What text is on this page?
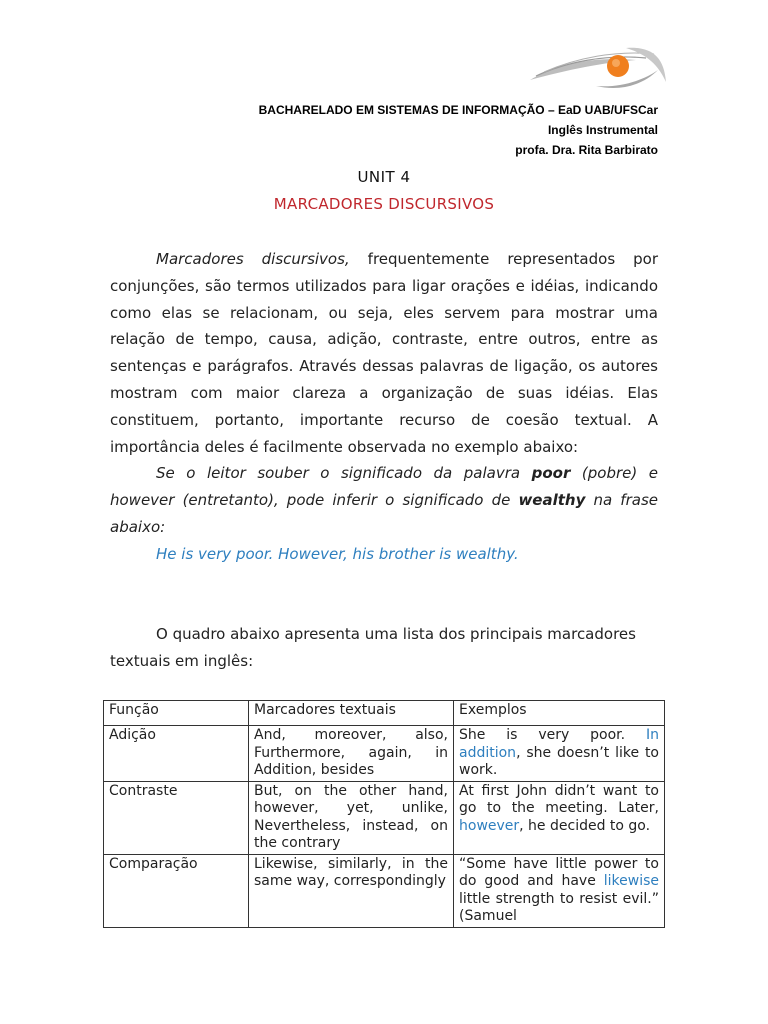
BACHARELADO EM SISTEMAS DE INFORMAÇÃO – EaD UAB/UFSCar
Inglês Instrumental
profa. Dra. Rita Barbirato
UNIT 4
MARCADORES DISCURSIVOS

Marcadores discursivos, frequentemente representados por conjunções, são termos utilizados para ligar orações e idéias, indicando como elas se relacionam, ou seja, eles servem para mostrar uma relação de tempo, causa, adição, contraste, entre outros, entre as sentenças e parágrafos. Através dessas palavras de ligação, os autores mostram com maior clareza a organização de suas idéias. Elas constituem, portanto, importante recurso de coesão textual. A importância deles é facilmente observada no exemplo abaixo:

Se o leitor souber o significado da palavra poor (pobre) e however (entretanto), pode inferir o significado de wealthy na frase abaixo:

He is very poor. However, his brother is wealthy.

O quadro abaixo apresenta uma lista dos principais marcadores textuais em inglês:

Função	Marcadores textuais	Exemplos
Adição	And, moreover, also, Furthermore, again, in Addition, besides	She is very poor. In addition, she doesn’t like to work.
Contraste	But, on the other hand, however, yet, unlike, Nevertheless, instead, on the contrary	At first John didn’t want to go to the meeting. Later, however, he decided to go.
Comparação	Likewise, similarly, in the same way, correspondingly	“Some have little power to do good and have likewise little strength to resist evil.” (Samuel
